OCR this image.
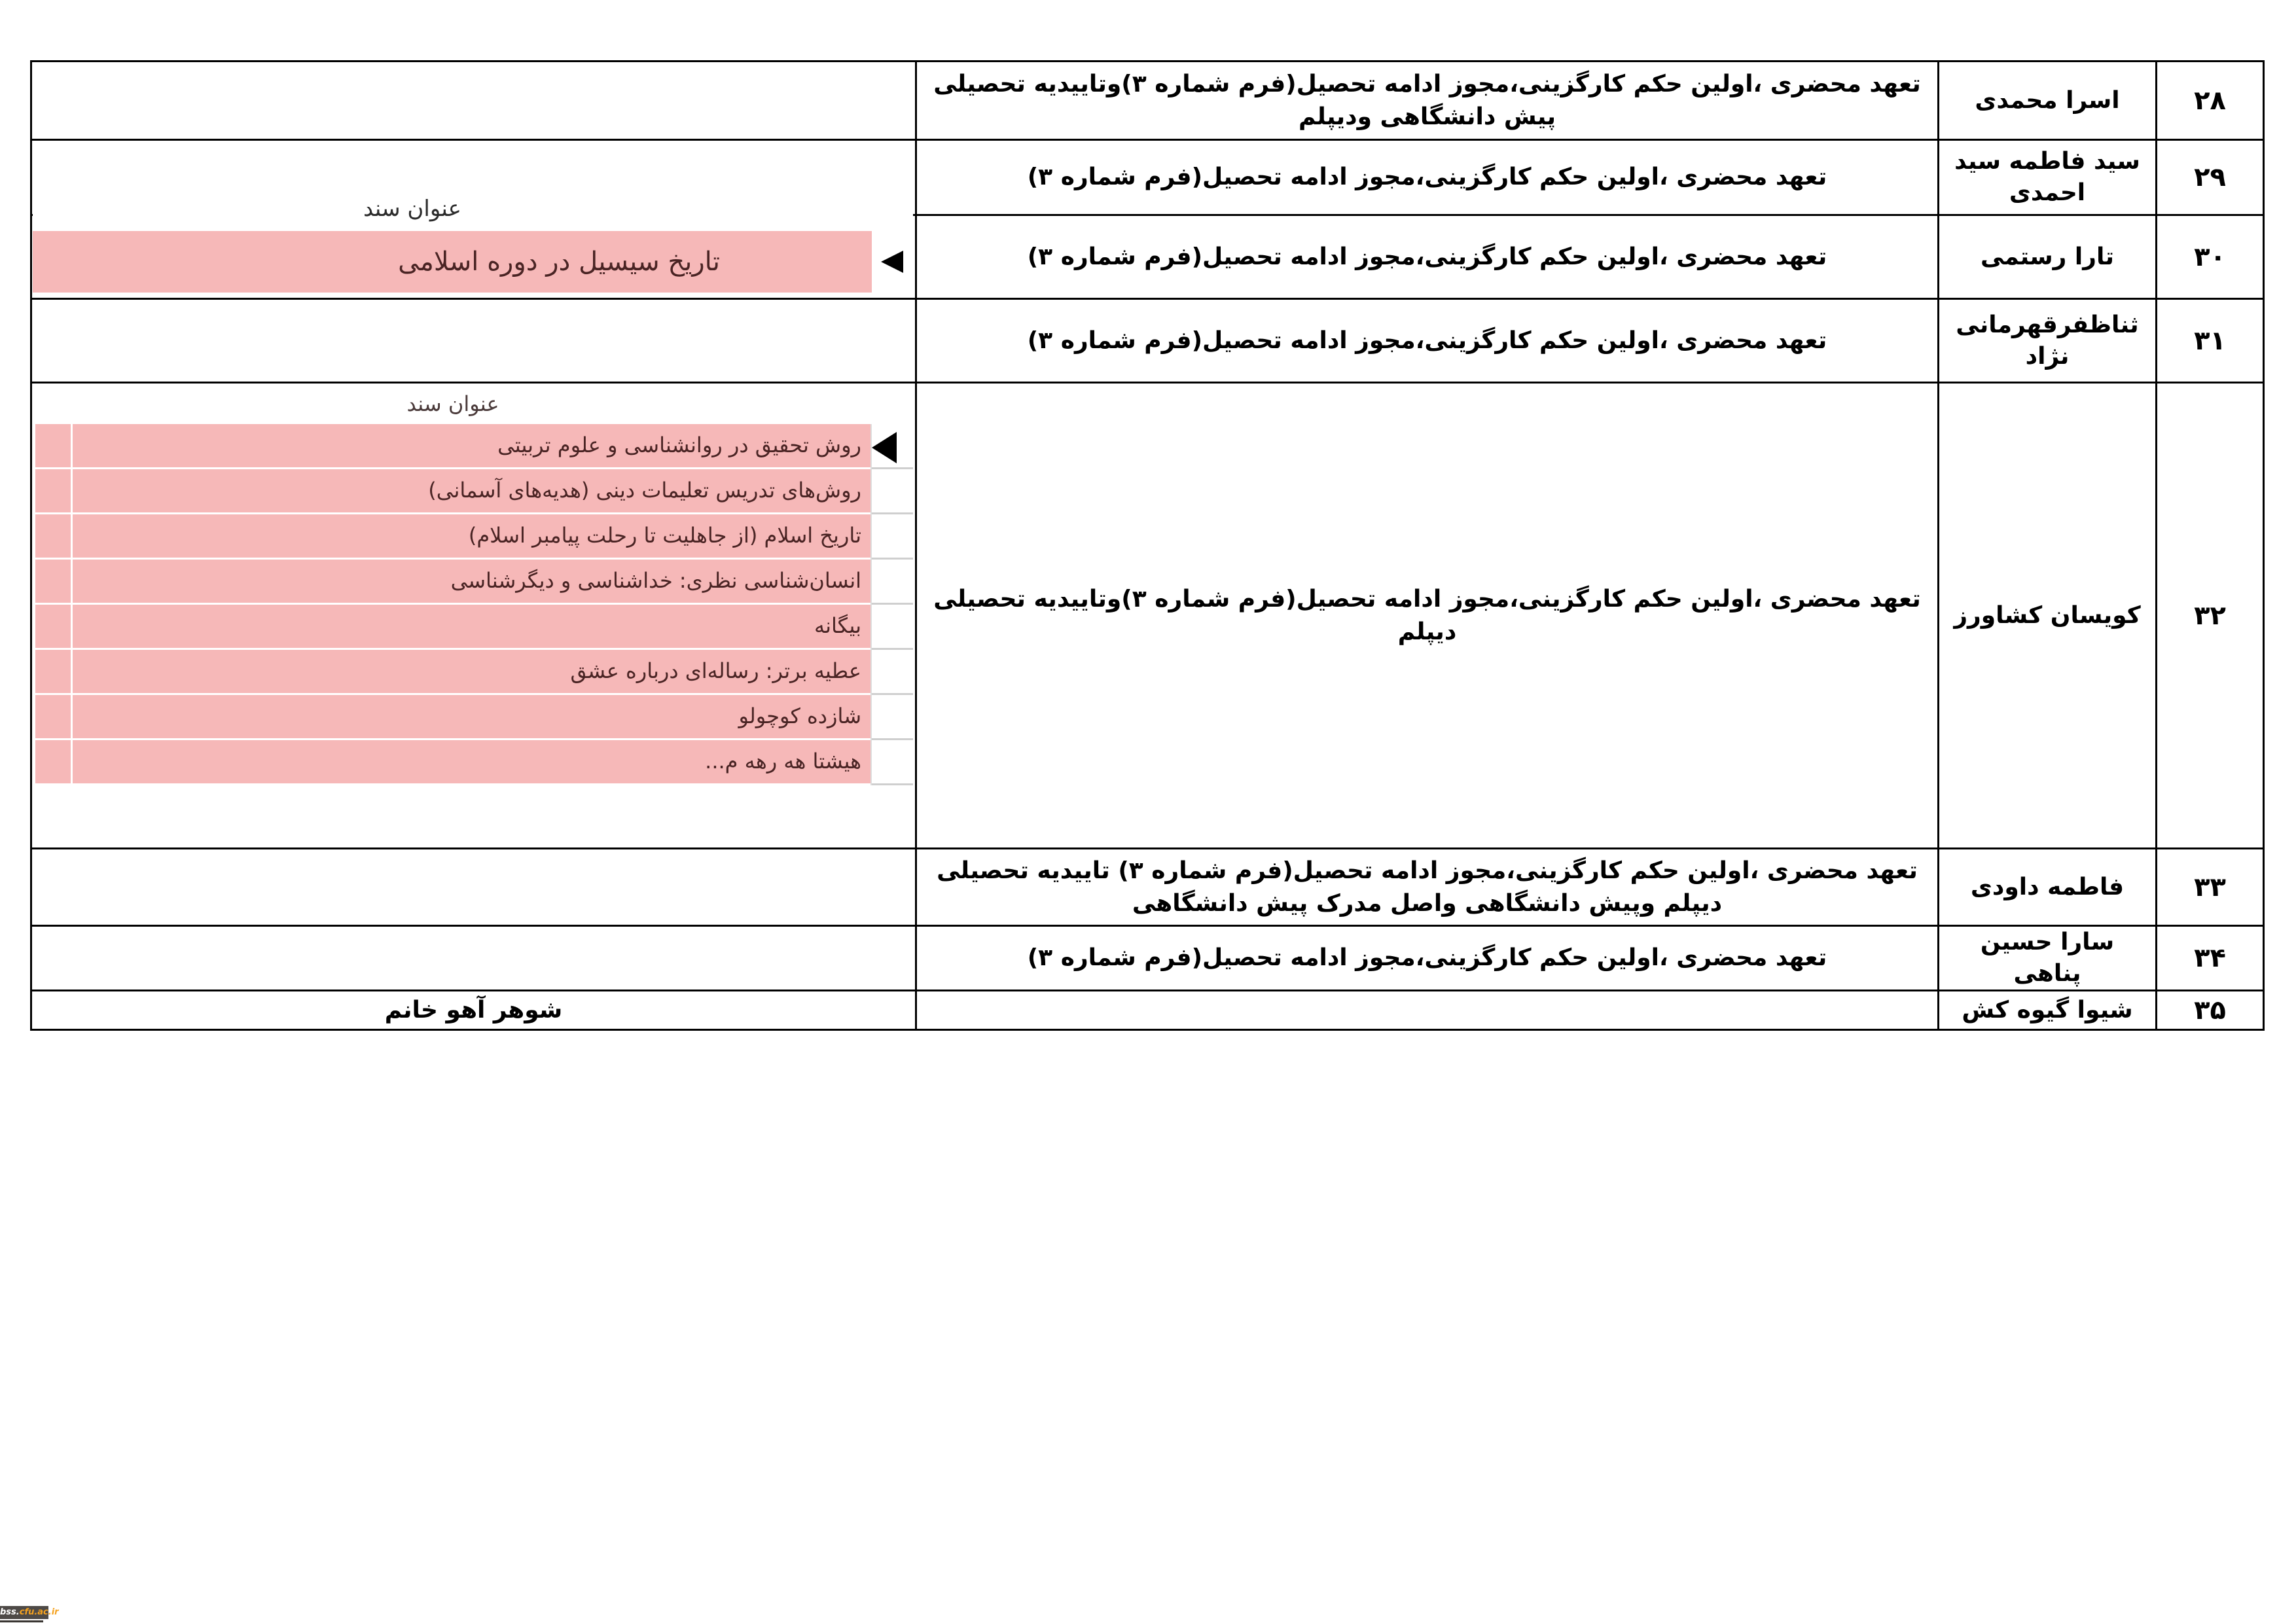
۲۸	اسرا محمدی	تعهد محضری ،اولین حکم کارگزینی،مجوز ادامه تحصیل(فرم شماره ۳)وتاییدیه تحصیلی پیش دانشگاهی ودیپلم	
۲۹	سید فاطمه سید احمدی	تعهد محضری ،اولین حکم کارگزینی،مجوز ادامه تحصیل(فرم شماره ۳)	
۳۰	تارا رستمی	تعهد محضری ،اولین حکم کارگزینی،مجوز ادامه تحصیل(فرم شماره ۳)	
۳۱	ثناظفرقهرمانی نژاد	تعهد محضری ،اولین حکم کارگزینی،مجوز ادامه تحصیل(فرم شماره ۳)	
۳۲	کویسان کشاورز	تعهد محضری ،اولین حکم کارگزینی،مجوز ادامه تحصیل(فرم شماره ۳)وتاییدیه تحصیلی دیپلم	
۳۳	فاطمه داودی	تعهد محضری ،اولین حکم کارگزینی،مجوز ادامه تحصیل(فرم شماره ۳) تاییدیه تحصیلی دیپلم وپیش دانشگاهی واصل مدرک پیش دانشگاهی	
۳۴	سارا حسین پناهی	تعهد محضری ،اولین حکم کارگزینی،مجوز ادامه تحصیل(فرم شماره ۳)	
۳۵	شیوا گیوه کش		شوهر آهو خانم
عنوان سند
تاریخ سیسیل در دوره اسلامی
عنوان سند
روش تحقیق در روانشناسی و علوم تربیتی
روش‌های تدریس تعلیمات دینی (هدیه‌های آسمانی)
تاریخ اسلام (از جاهلیت تا رحلت پیامبر اسلام)
انسان‌شناسی نظری: خداشناسی و دیگرشناسی
بیگانه
عطیه برتر: رساله‌ای درباره عشق
شازده کوچولو
هیشتا هه رهه م...
bss.cfu.ac.ir
